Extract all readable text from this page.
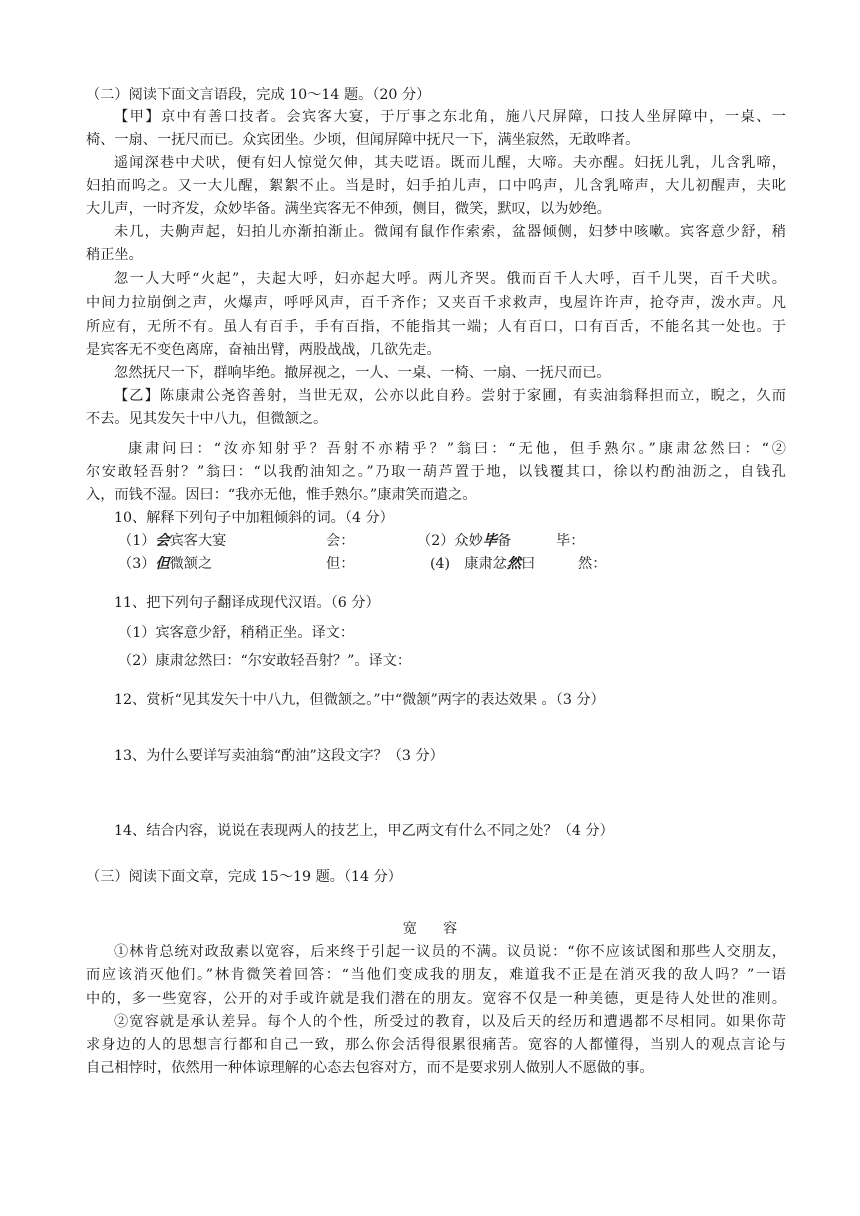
（二）阅读下面文言语段，完成 10～14 题。（20 分）
【甲】京中有善口技者。会宾客大宴，于厅事之东北角，施八尺屏障，口技人坐屏障中，一桌、一
椅、一扇、一抚尺而已。众宾团坐。少顷，但闻屏障中抚尺一下，满坐寂然，无敢哗者。
遥闻深巷中犬吠，便有妇人惊觉欠伸，其夫呓语。既而儿醒，大啼。夫亦醒。妇抚儿乳，儿含乳啼，
妇拍而呜之。又一大儿醒，絮絮不止。当是时，妇手拍儿声，口中呜声，儿含乳啼声，大儿初醒声，夫叱
大儿声，一时齐发，众妙毕备。满坐宾客无不伸颈，侧目，微笑，默叹，以为妙绝。
未几，夫齁声起，妇拍儿亦渐拍渐止。微闻有鼠作作索索，盆器倾侧，妇梦中咳嗽。宾客意少舒，稍
稍正坐。
忽一人大呼“火起”，夫起大呼，妇亦起大呼。两儿齐哭。俄而百千人大呼，百千儿哭，百千犬吠。
中间力拉崩倒之声，火爆声，呼呼风声，百千齐作；又夹百千求救声，曳屋许许声，抢夺声，泼水声。凡
所应有，无所不有。虽人有百手，手有百指，不能指其一端；人有百口，口有百舌，不能名其一处也。于
是宾客无不变色离席，奋袖出臂，两股战战，几欲先走。
忽然抚尺一下，群响毕绝。撤屏视之，一人、一桌、一椅、一扇、一抚尺而已。
【乙】陈康肃公尧咨善射，当世无双，公亦以此自矜。尝射于家圃，有卖油翁释担而立，睨之，久而
不去。见其发矢十中八九，但微颔之。
康肃问曰：“汝亦知射乎？吾射不亦精乎？”翁曰：“无他，但手熟尔。”康肃忿然曰：“②
尔安敢轻吾射？”翁曰：“以我酌油知之。”乃取一葫芦置于地，以钱覆其口，徐以杓酌油沥之，自钱孔
入，而钱不湿。因曰：“我亦无他，惟手熟尔。”康肃笑而遣之。
10、解释下列句子中加粗倾斜的词。（4 分）
（1）会宾客大宴	会：	（2）众妙毕备	毕：
（3）但微颔之	但：	(4)　康肃忿然曰	然：
11、把下列句子翻译成现代汉语。（6 分）
（1）宾客意少舒，稍稍正坐。译文：
（2）康肃忿然曰：“尔安敢轻吾射？”。译文：
12、赏析“见其发矢十中八九，但微颔之。”中“微颔”两字的表达效果 。（3 分）
13、为什么要详写卖油翁“酌油”这段文字？（3 分）
14、结合内容，说说在表现两人的技艺上，甲乙两文有什么不同之处？（4 分）
（三）阅读下面文章，完成 15～19 题。（14 分）
宽容
①林肯总统对政敌素以宽容，后来终于引起一议员的不满。议员说：“你不应该试图和那些人交朋友，
而应该消灭他们。”林肯微笑着回答：“当他们变成我的朋友，难道我不正是在消灭我的敌人吗？”一语
中的，多一些宽容，公开的对手或许就是我们潜在的朋友。宽容不仅是一种美德，更是待人处世的准则。
②宽容就是承认差异。每个人的个性，所受过的教育，以及后天的经历和遭遇都不尽相同。如果你苛
求身边的人的思想言行都和自己一致，那么你会活得很累很痛苦。宽容的人都懂得，当别人的观点言论与
自己相悖时，依然用一种体谅理解的心态去包容对方，而不是要求别人做别人不愿做的事。
